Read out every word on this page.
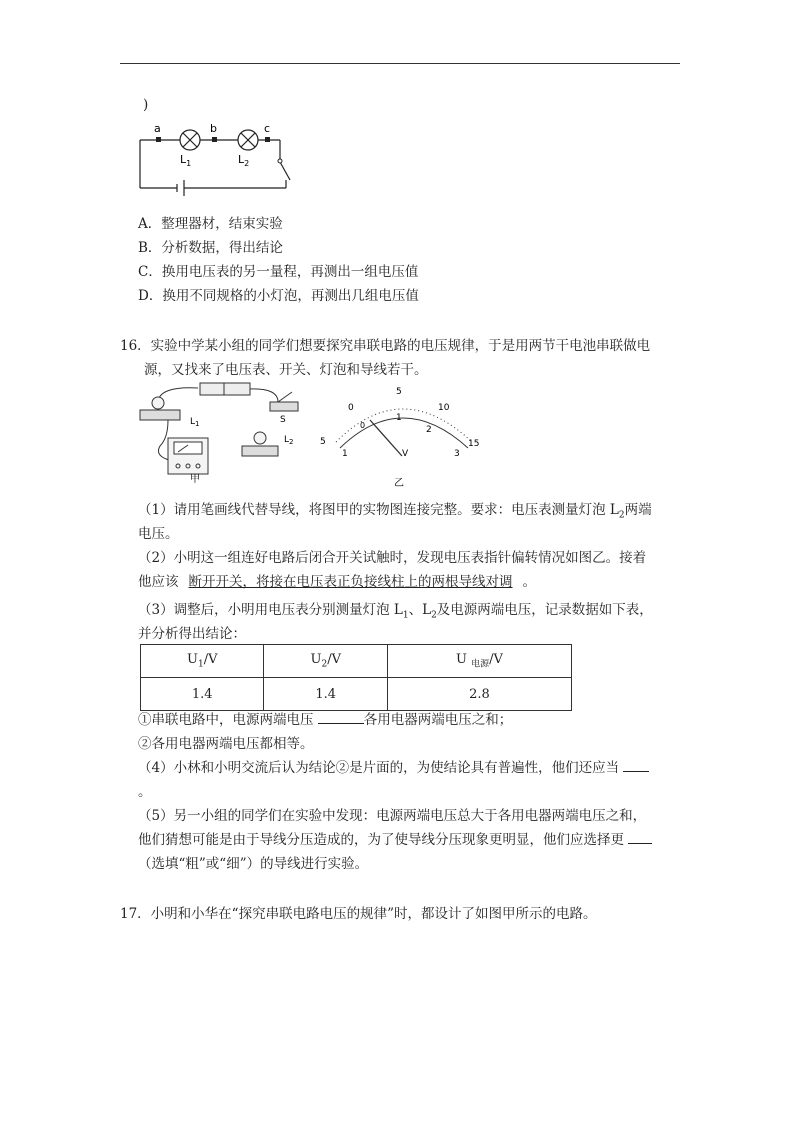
)
a	b	c
$L_1$	$L_2$
A．整理器材，结束实验
B．分析数据，得出结论
C．换用电压表的另一量程，再测出一组电压值
D．换用不同规格的小灯泡，再测出几组电压值
16．实验中学某小组的同学们想要探究串联电路的电压规律，于是用两节干电池串联做电
源，又找来了电压表、开关、灯泡和导线若干。
$L_1$	S
$L_2$
甲
0
5
10
15
1
2
3
5
1
0
V
乙
（1）请用笔画线代替导线，将图甲的实物图连接完整。要求：电压表测量灯泡 $L_2$两端
电压。
（2）小明这一组连好电路后闭合开关试触时，发现电压表指针偏转情况如图乙。接着
他应该 断开开关，将接在电压表正负接线柱上的两根导线对调 。
（3）调整后，小明用电压表分别测量灯泡 $L_1$、$L_2$及电源两端电压，记录数据如下表，
并分析得出结论：
$U_1/V$	$U_2/V$	U $_{电源}$/V
1.4	1.4	2.8
①串联电路中，电源两端电压	各用电器两端电压之和；
②各用电器两端电压都相等。
（4）小林和小明交流后认为结论②是片面的，为使结论具有普遍性，他们还应当
。
（5）另一小组的同学们在实验中发现：电源两端电压总大于各用电器两端电压之和，
他们猜想可能是由于导线分压造成的，为了使导线分压现象更明显，他们应选择更
（选填“粗”或“细”）的导线进行实验。
17．小明和小华在“探究串联电路电压的规律”时，都设计了如图甲所示的电路。
